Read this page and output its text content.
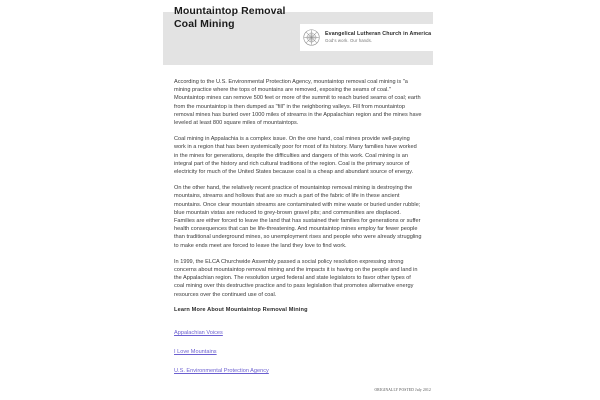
Mountaintop Removal
Coal Mining
Evangelical Lutheran Church in America
God's work. Our hands.

According to the U.S. Environmental Protection Agency, mountaintop removal coal mining is "a mining practice where the tops of mountains are removed, exposing the seams of coal." Mountaintop mines can remove 500 feet or more of the summit to reach buried seams of coal; earth from the mountaintop is then dumped as "fill" in the neighboring valleys. Fill from mountaintop removal mines has buried over 1000 miles of streams in the Appalachian region and the mines have leveled at least 800 square miles of mountaintops.

Coal mining in Appalachia is a complex issue. On the one hand, coal mines provide well-paying work in a region that has been systemically poor for most of its history. Many families have worked in the mines for generations, despite the difficulties and dangers of this work. Coal mining is an integral part of the history and rich cultural traditions of the region. Coal is the primary source of electricity for much of the United States because coal is a cheap and abundant source of energy.

On the other hand, the relatively recent practice of mountaintop removal mining is destroying the mountains, streams and hollows that are so much a part of the fabric of life in these ancient mountains. Once clear mountain streams are contaminated with mine waste or buried under rubble; blue mountain vistas are reduced to grey-brown gravel pits; and communities are displaced. Families are either forced to leave the land that has sustained their families for generations or suffer health consequences that can be life-threatening. And mountaintop mines employ far fewer people than traditional underground mines, so unemployment rises and people who were already struggling to make ends meet are forced to leave the land they love to find work.

In 1999, the ELCA Churchwide Assembly passed a social policy resolution expressing strong concerns about mountaintop removal mining and the impacts it is having on the people and land in the Appalachian region. The resolution urged federal and state legislators to favor other types of coal mining over this destructive practice and to pass legislation that promotes alternative energy resources over the continued use of coal.

Learn More About Mountaintop Removal Mining
Appalachian Voices
I Love Mountains
U.S. Environmental Protection Agency
ORIGINALLY POSTED July 2012
